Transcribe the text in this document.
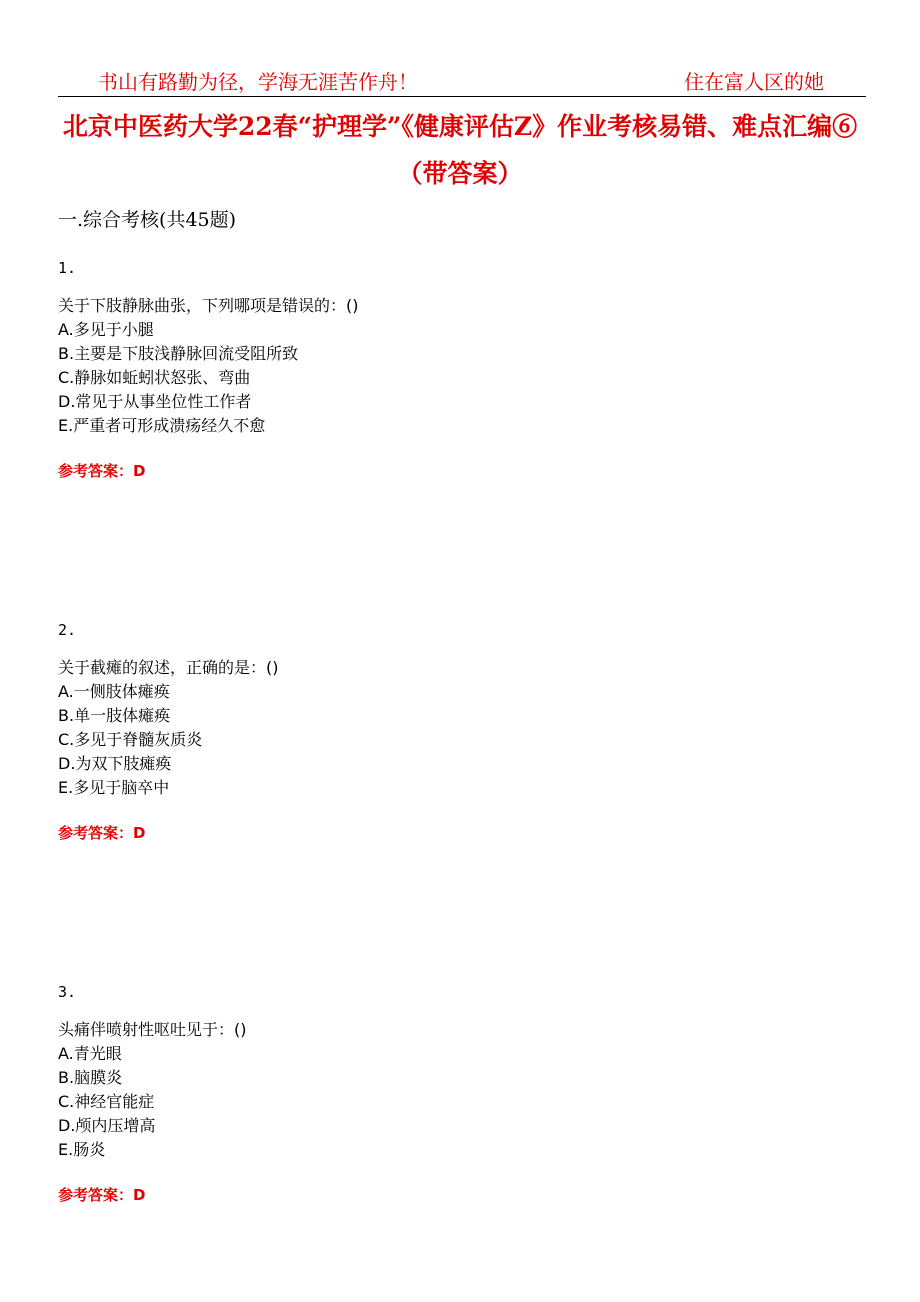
书山有路勤为径，学海无涯苦作舟！	住在富人区的她
北京中医药大学22春“护理学”《健康评估Z》作业考核易错、难点汇编⑥（带答案）
一.综合考核(共45题)
1.
关于下肢静脉曲张，下列哪项是错误的：()
A.多见于小腿
B.主要是下肢浅静脉回流受阻所致
C.静脉如蚯蚓状怒张、弯曲
D.常见于从事坐位性工作者
E.严重者可形成溃疡经久不愈
参考答案：D
2.
关于截瘫的叙述，正确的是：()
A.一侧肢体瘫痪
B.单一肢体瘫痪
C.多见于脊髓灰质炎
D.为双下肢瘫痪
E.多见于脑卒中
参考答案：D
3.
头痛伴喷射性呕吐见于：()
A.青光眼
B.脑膜炎
C.神经官能症
D.颅内压增高
E.肠炎
参考答案：D
